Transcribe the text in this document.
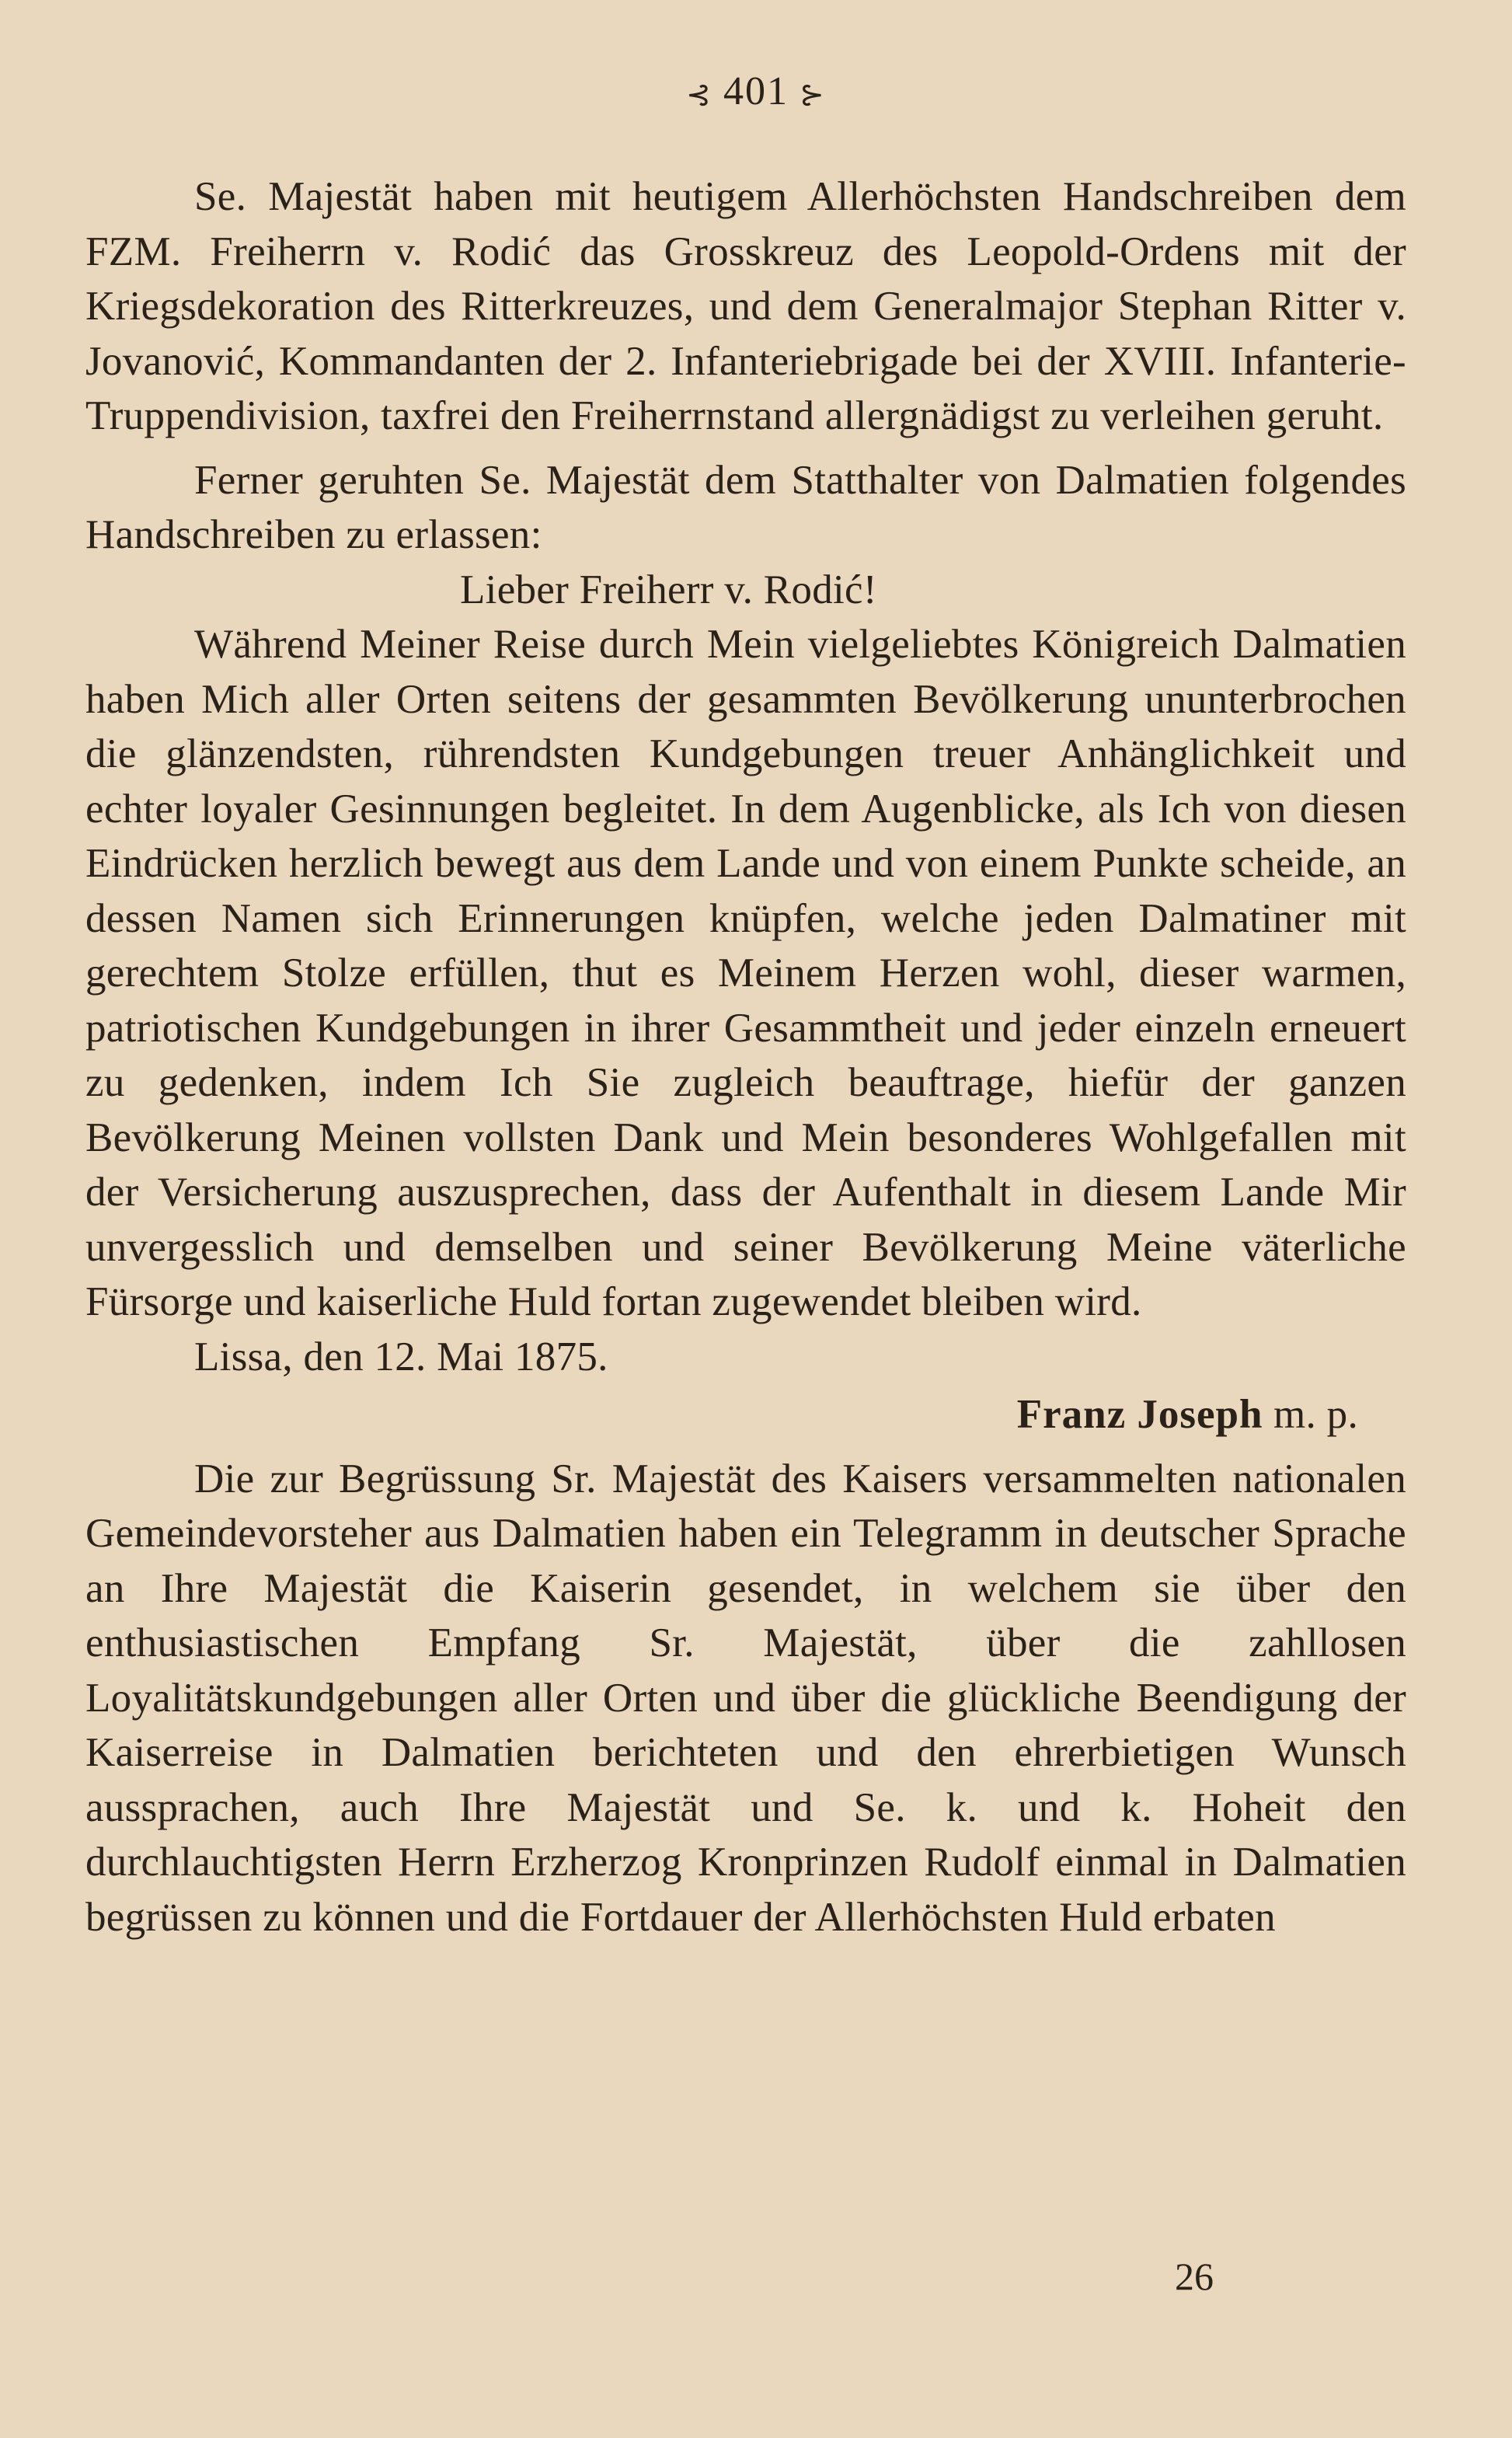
⊰ 401 ⊱

Se. Majestät haben mit heutigem Allerhöchsten Handschreiben dem FZM. Freiherrn v. Rodić das Grosskreuz des Leopold-Ordens mit der Kriegsdekoration des Ritterkreuzes, und dem Generalmajor Stephan Ritter v. Jovanović, Kommandanten der 2. Infanteriebrigade bei der XVIII. Infanterie-Truppendivision, taxfrei den Freiherrnstand allergnädigst zu verleihen geruht.

Ferner geruhten Se. Majestät dem Statthalter von Dalmatien folgendes Handschreiben zu erlassen:

Lieber Freiherr v. Rodić!

Während Meiner Reise durch Mein vielgeliebtes Königreich Dalmatien haben Mich aller Orten seitens der gesammten Bevölkerung ununterbrochen die glänzendsten, rührendsten Kundgebungen treuer Anhänglichkeit und echter loyaler Gesinnungen begleitet. In dem Augenblicke, als Ich von diesen Eindrücken herzlich bewegt aus dem Lande und von einem Punkte scheide, an dessen Namen sich Erinnerungen knüpfen, welche jeden Dalmatiner mit gerechtem Stolze erfüllen, thut es Meinem Herzen wohl, dieser warmen, patriotischen Kundgebungen in ihrer Gesammtheit und jeder einzeln erneuert zu gedenken, indem Ich Sie zugleich beauftrage, hiefür der ganzen Bevölkerung Meinen vollsten Dank und Mein besonderes Wohlgefallen mit der Versicherung auszusprechen, dass der Aufenthalt in diesem Lande Mir unvergesslich und demselben und seiner Bevölkerung Meine väterliche Fürsorge und kaiserliche Huld fortan zugewendet bleiben wird.

Lissa, den 12. Mai 1875.

Franz Joseph m. p.

Die zur Begrüssung Sr. Majestät des Kaisers versammelten nationalen Gemeindevorsteher aus Dalmatien haben ein Telegramm in deutscher Sprache an Ihre Majestät die Kaiserin gesendet, in welchem sie über den enthusiastischen Empfang Sr. Majestät, über die zahllosen Loyalitätskundgebungen aller Orten und über die glückliche Beendigung der Kaiserreise in Dalmatien berichteten und den ehrerbietigen Wunsch aussprachen, auch Ihre Majestät und Se. k. und k. Hoheit den durchlauchtigsten Herrn Erzherzog Kronprinzen Rudolf einmal in Dalmatien begrüssen zu können und die Fortdauer der Allerhöchsten Huld erbaten

26
